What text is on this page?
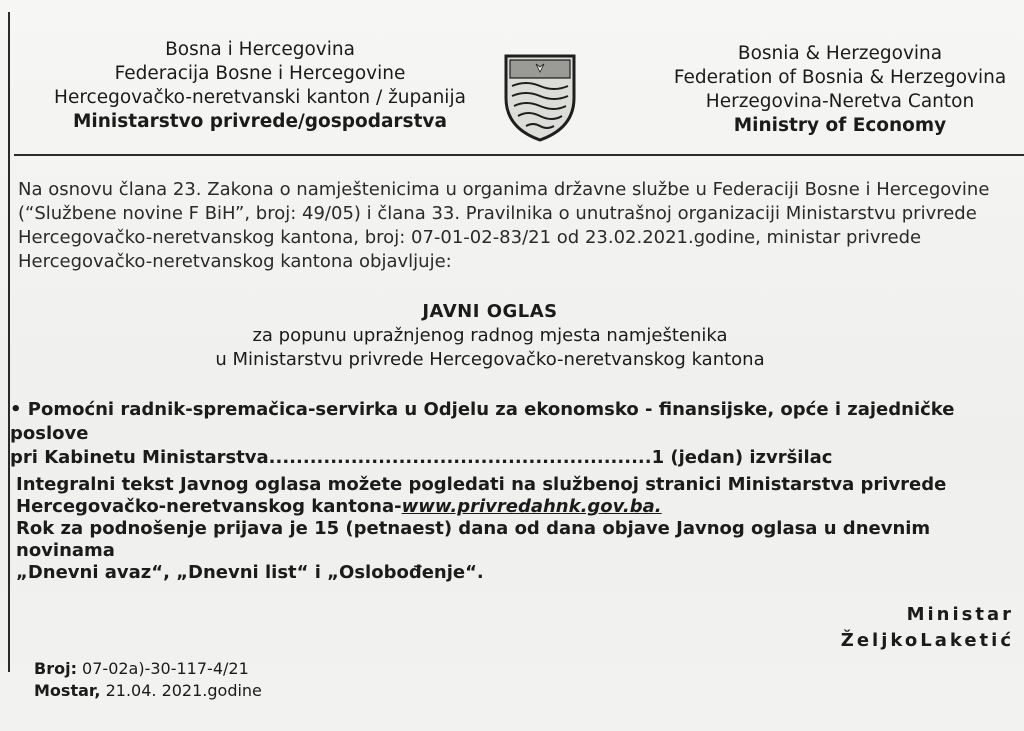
Bosna i Hercegovina
Federacija Bosne i Hercegovine
Hercegovačko-neretvanski kanton / županija
Ministarstvo privrede/gospodarstva
Bosnia & Herzegovina
Federation of Bosnia & Herzegovina
Herzegovina-Neretva Canton
Ministry of Economy
Na osnovu člana 23. Zakona o namještenicima u organima državne službe u Federaciji Bosne i Hercegovine
(“Službene novine F BiH”, broj: 49/05) i člana 33. Pravilnika o unutrašnoj organizaciji Ministarstvu privrede
Hercegovačko-neretvanskog kantona, broj: 07-01-02-83/21 od 23.02.2021.godine, ministar privrede
Hercegovačko-neretvanskog kantona objavljuje:
JAVNI OGLAS
za popunu upražnjenog radnog mjesta namještenika
u Ministarstvu privrede Hercegovačko-neretvanskog kantona
• Pomoćni radnik-spremačica-servirka u Odjelu za ekonomsko - finansijske, opće i zajedničke poslove
pri Kabinetu Ministarstva........................................................1 (jedan) izvršilac
Integralni tekst Javnog oglasa možete pogledati na službenoj stranici Ministarstva privrede
Hercegovačko-neretvanskog kantona-www.privredahnk.gov.ba.
Rok za podnošenje prijava je 15 (petnaest) dana od dana objave Javnog oglasa u dnevnim novinama
„Dnevni avaz“, „Dnevni list“ i „Oslobođenje“.
Ministar
ŽeljkoLaketić
Broj: 07-02a)-30-117-4/21
Mostar, 21.04. 2021.godine
